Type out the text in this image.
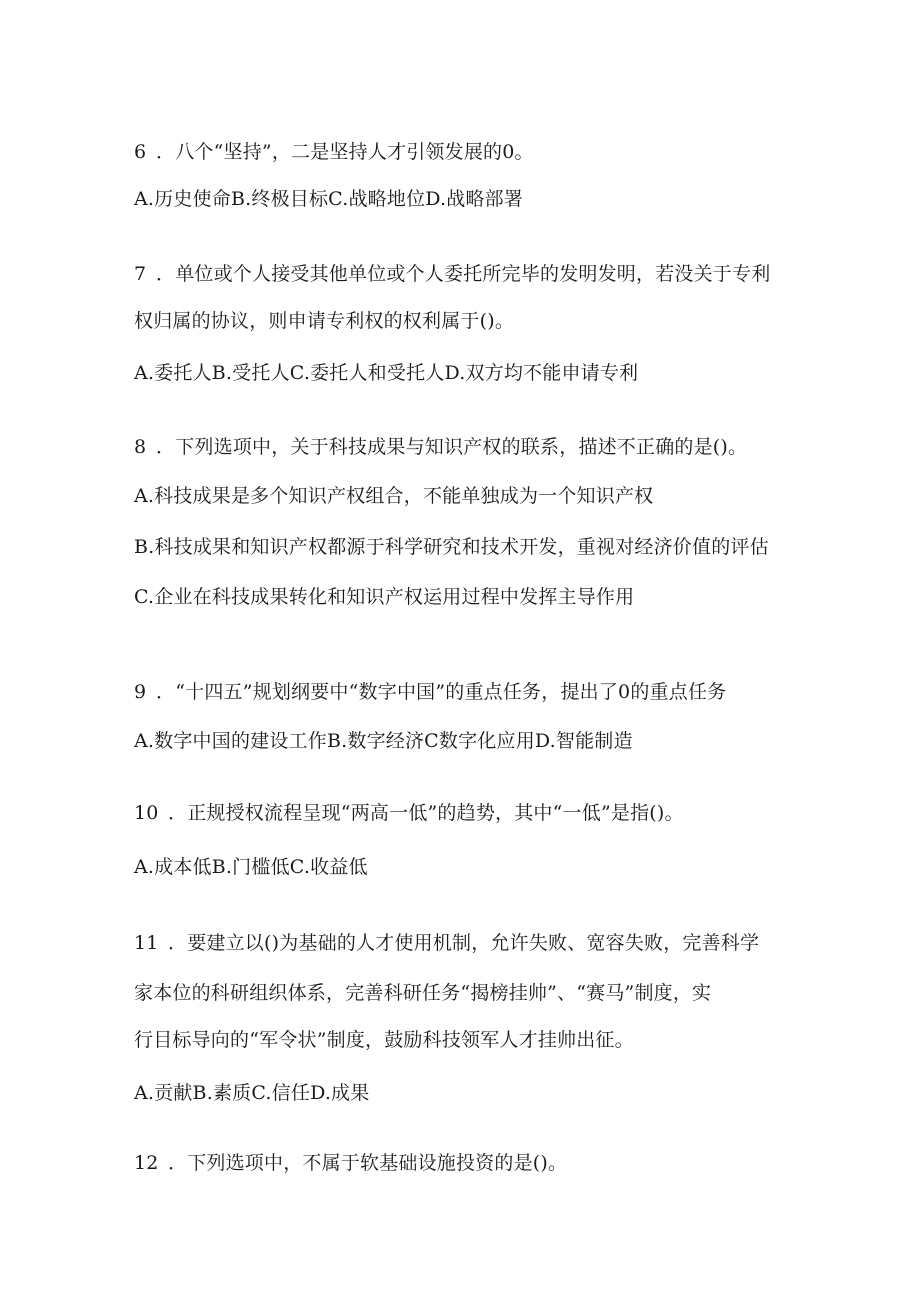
6 ．八个“坚持”，二是坚持人才引领发展的0。
A.历史使命B.终极目标C.战略地位D.战略部署
7 ．单位或个人接受其他单位或个人委托所完毕的发明发明，若没关于专利
权归属的协议，则申请专利权的权利属于()。
A.委托人B.受托人C.委托人和受托人D.双方均不能申请专利
8 ．下列选项中，关于科技成果与知识产权的联系，描述不正确的是()。
A.科技成果是多个知识产权组合，不能单独成为一个知识产权
B.科技成果和知识产权都源于科学研究和技术开发，重视对经济价值的评估
C.企业在科技成果转化和知识产权运用过程中发挥主导作用
9 ．“十四五”规划纲要中“数字中国”的重点任务，提出了0的重点任务
A.数字中国的建设工作B.数字经济C数字化应用D.智能制造
10 ．正规授权流程呈现“两高一低”的趋势，其中“一低”是指()。
A.成本低B.门槛低C.收益低
11 ．要建立以()为基础的人才使用机制，允许失败、宽容失败，完善科学
家本位的科研组织体系，完善科研任务“揭榜挂帅”、“赛马”制度，实
行目标导向的“军令状”制度，鼓励科技领军人才挂帅出征。
A.贡献B.素质C.信任D.成果
12 ．下列选项中，不属于软基础设施投资的是()。
